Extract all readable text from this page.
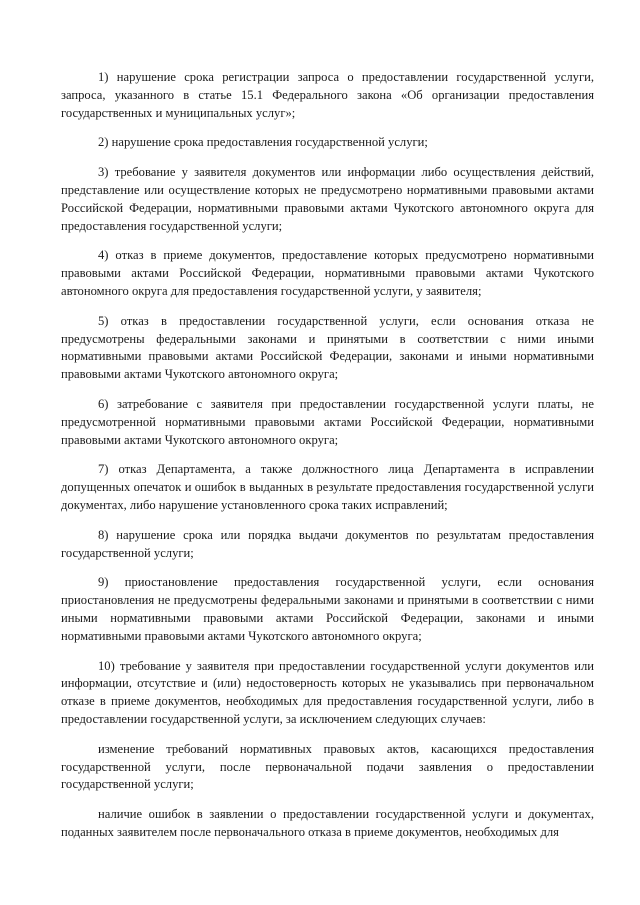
1) нарушение срока регистрации запроса о предоставлении государственной услуги, запроса, указанного в статье 15.1 Федерального закона «Об организации предоставления государственных и муниципальных услуг»;

2) нарушение срока предоставления государственной услуги;

3) требование у заявителя документов или информации либо осуществления действий, представление или осуществление которых не предусмотрено нормативными правовыми актами Российской Федерации, нормативными правовыми актами Чукотского автономного округа для предоставления государственной услуги;

4) отказ в приеме документов, предоставление которых предусмотрено нормативными правовыми актами Российской Федерации, нормативными правовыми актами Чукотского автономного округа для предоставления государственной услуги, у заявителя;

5) отказ в предоставлении государственной услуги, если основания отказа не предусмотрены федеральными законами и принятыми в соответствии с ними иными нормативными правовыми актами Российской Федерации, законами и иными нормативными правовыми актами Чукотского автономного округа;

6) затребование с заявителя при предоставлении государственной услуги платы, не предусмотренной нормативными правовыми актами Российской Федерации, нормативными правовыми актами Чукотского автономного округа;

7) отказ Департамента, а также должностного лица Департамента в исправлении допущенных опечаток и ошибок в выданных в результате предоставления государственной услуги документах, либо нарушение установленного срока таких исправлений;

8) нарушение срока или порядка выдачи документов по результатам предоставления государственной услуги;

9) приостановление предоставления государственной услуги, если основания приостановления не предусмотрены федеральными законами и принятыми в соответствии с ними иными нормативными правовыми актами Российской Федерации, законами и иными нормативными правовыми актами Чукотского автономного округа;

10) требование у заявителя при предоставлении государственной услуги документов или информации, отсутствие и (или) недостоверность которых не указывались при первоначальном отказе в приеме документов, необходимых для предоставления государственной услуги, либо в предоставлении государственной услуги, за исключением следующих случаев:

изменение требований нормативных правовых актов, касающихся предоставления государственной услуги, после первоначальной подачи заявления о предоставлении государственной услуги;

наличие ошибок в заявлении о предоставлении государственной услуги и документах, поданных заявителем после первоначального отказа в приеме документов, необходимых для
